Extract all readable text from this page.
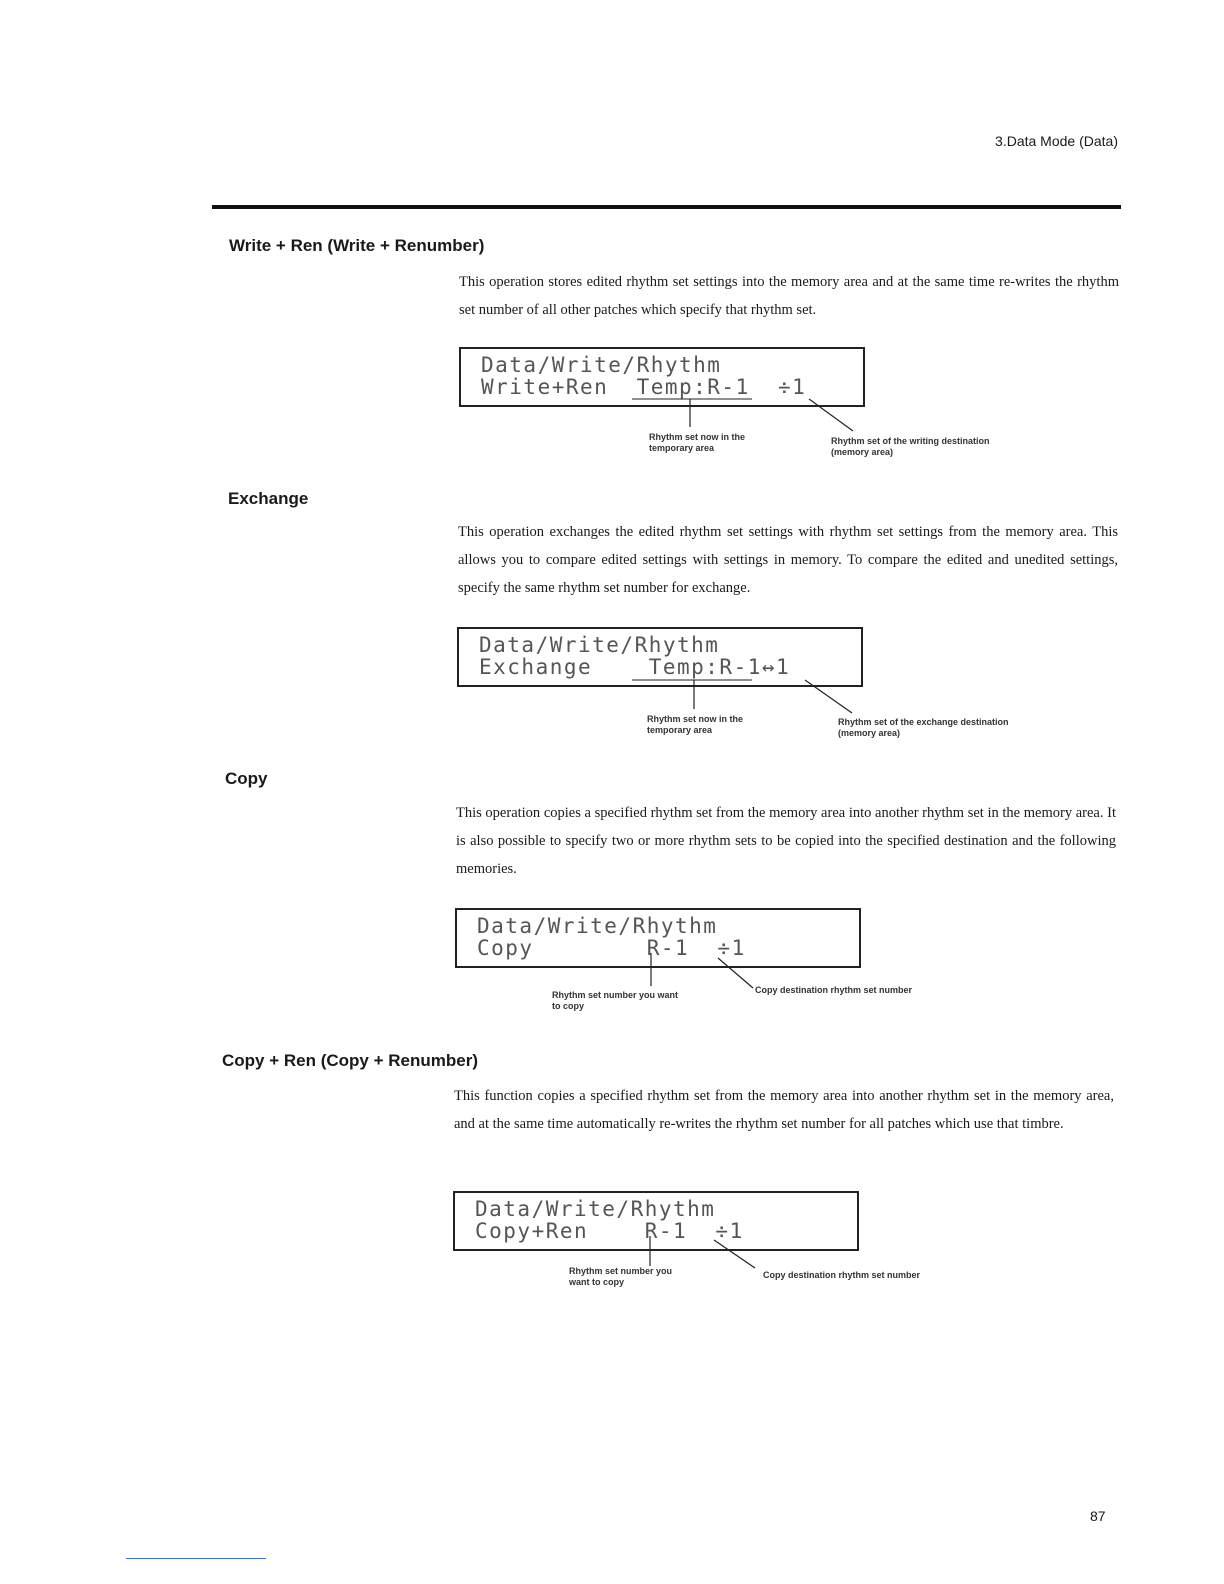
3.Data Mode (Data)
Write + Ren (Write + Renumber)
This operation stores edited rhythm set settings into the memory area and at the same time re-writes the rhythm set number of all other patches which specify that rhythm set.
Data/Write/Rhythm
Write+Ren  Temp:R-1  ÷1
Rhythm set now in the
temporary area
Rhythm set of the writing destination
(memory area)
Exchange
This operation exchanges the edited rhythm set settings with rhythm set settings from the memory area. This allows you to compare edited settings with settings in memory. To compare the edited and unedited settings, specify the same rhythm set number for exchange.
Data/Write/Rhythm
Exchange    Temp:R-1↔1
Rhythm set now in the
temporary area
Rhythm set of the exchange destination
(memory area)
Copy
This operation copies a specified rhythm set from the memory area into another rhythm set in the memory area. It is also possible to specify two or more rhythm sets to be copied into the specified destination and the following memories.
Data/Write/Rhythm
Copy        R-1  ÷1
Rhythm set number you want
to copy
Copy destination rhythm set number
Copy + Ren (Copy + Renumber)
This function copies a specified rhythm set from the memory area into another rhythm set in the memory area, and at the same time automatically re-writes the rhythm set number for all patches which use that timbre.
Data/Write/Rhythm
Copy+Ren    R-1  ÷1
Rhythm set number you
want to copy
Copy destination rhythm set number
87
